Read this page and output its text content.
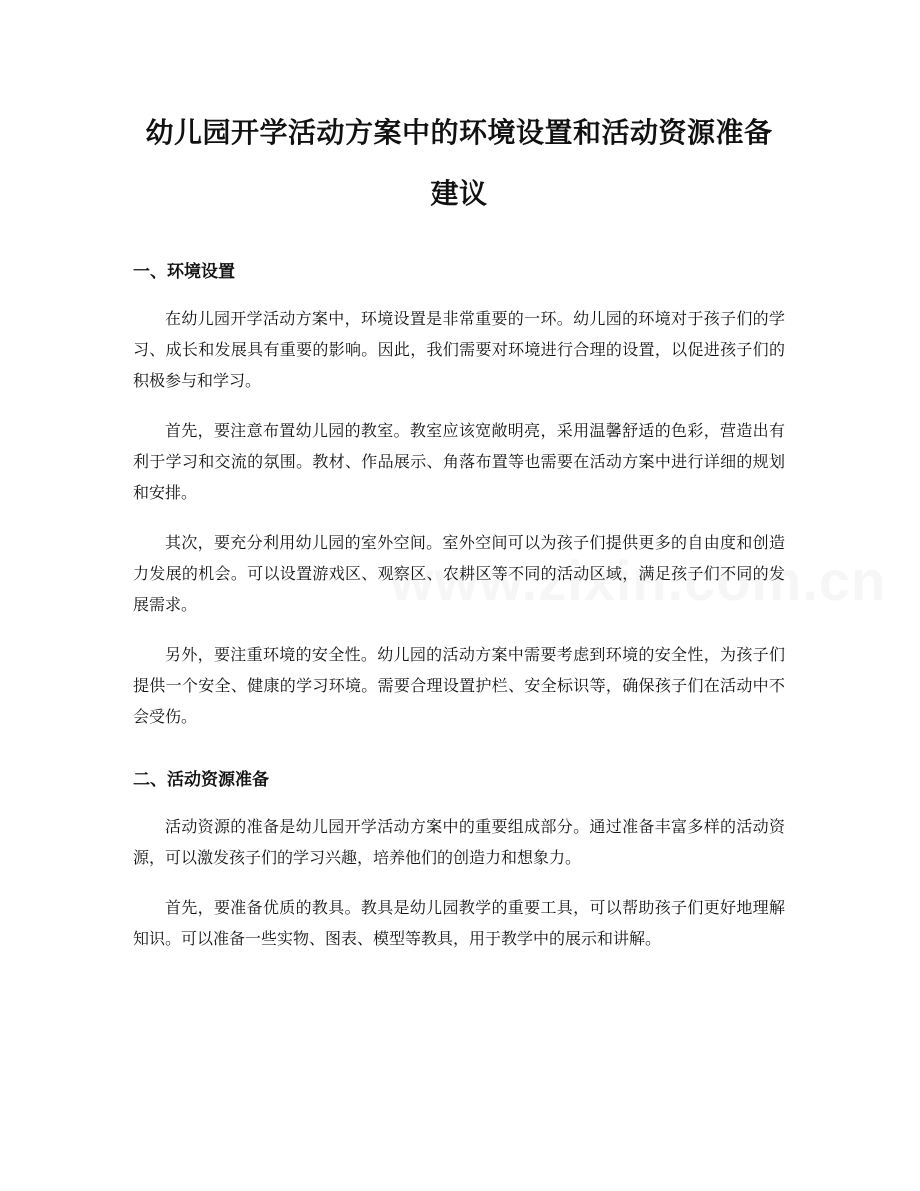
幼儿园开学活动方案中的环境设置和活动资源准备建议
一、环境设置

在幼儿园开学活动方案中，环境设置是非常重要的一环。幼儿园的环境对于孩子们的学习、成长和发展具有重要的影响。因此，我们需要对环境进行合理的设置，以促进孩子们的积极参与和学习。

首先，要注意布置幼儿园的教室。教室应该宽敞明亮，采用温馨舒适的色彩，营造出有利于学习和交流的氛围。教材、作品展示、角落布置等也需要在活动方案中进行详细的规划和安排。

其次，要充分利用幼儿园的室外空间。室外空间可以为孩子们提供更多的自由度和创造力发展的机会。可以设置游戏区、观察区、农耕区等不同的活动区域，满足孩子们不同的发展需求。

另外，要注重环境的安全性。幼儿园的活动方案中需要考虑到环境的安全性，为孩子们提供一个安全、健康的学习环境。需要合理设置护栏、安全标识等，确保孩子们在活动中不会受伤。

二、活动资源准备

活动资源的准备是幼儿园开学活动方案中的重要组成部分。通过准备丰富多样的活动资源，可以激发孩子们的学习兴趣，培养他们的创造力和想象力。

首先，要准备优质的教具。教具是幼儿园教学的重要工具，可以帮助孩子们更好地理解知识。可以准备一些实物、图表、模型等教具，用于教学中的展示和讲解。
